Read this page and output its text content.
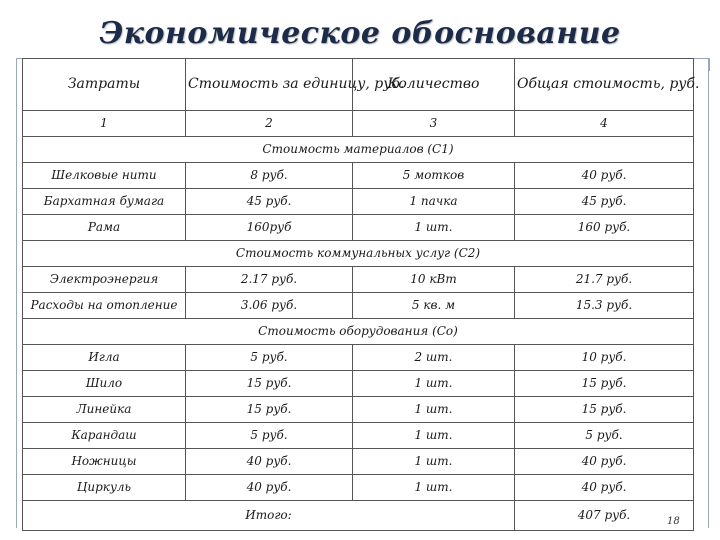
Экономическое обоснование
Затраты	Стоимость за единицу, руб.	Количество	Общая стоимость, руб.
1	2	3	4
Стоимость материалов (С1)			
Шелковые нити	8 руб.	5 мотков	40 руб.
Бархатная бумага	45 руб.	1 пачка	45 руб.
Рама	160руб	1 шт.	160 руб.
Стоимость коммунальных услуг (С2)			
Электроэнергия	2.17 руб.	10 кВт	21.7 руб.
Расходы на отопление	3.06 руб.	5 кв. м	15.3 руб.
Стоимость оборудования (Со)			
Игла	5 руб.	2 шт.	10 руб.
Шило	15 руб.	1 шт.	15 руб.
Линейка	15 руб.	1 шт.	15 руб.
Карандаш	5 руб.	1 шт.	5 руб.
Ножницы	40 руб.	1 шт.	40 руб.
Циркуль	40 руб.	1 шт.	40 руб.
Итого:			407 руб.	18
